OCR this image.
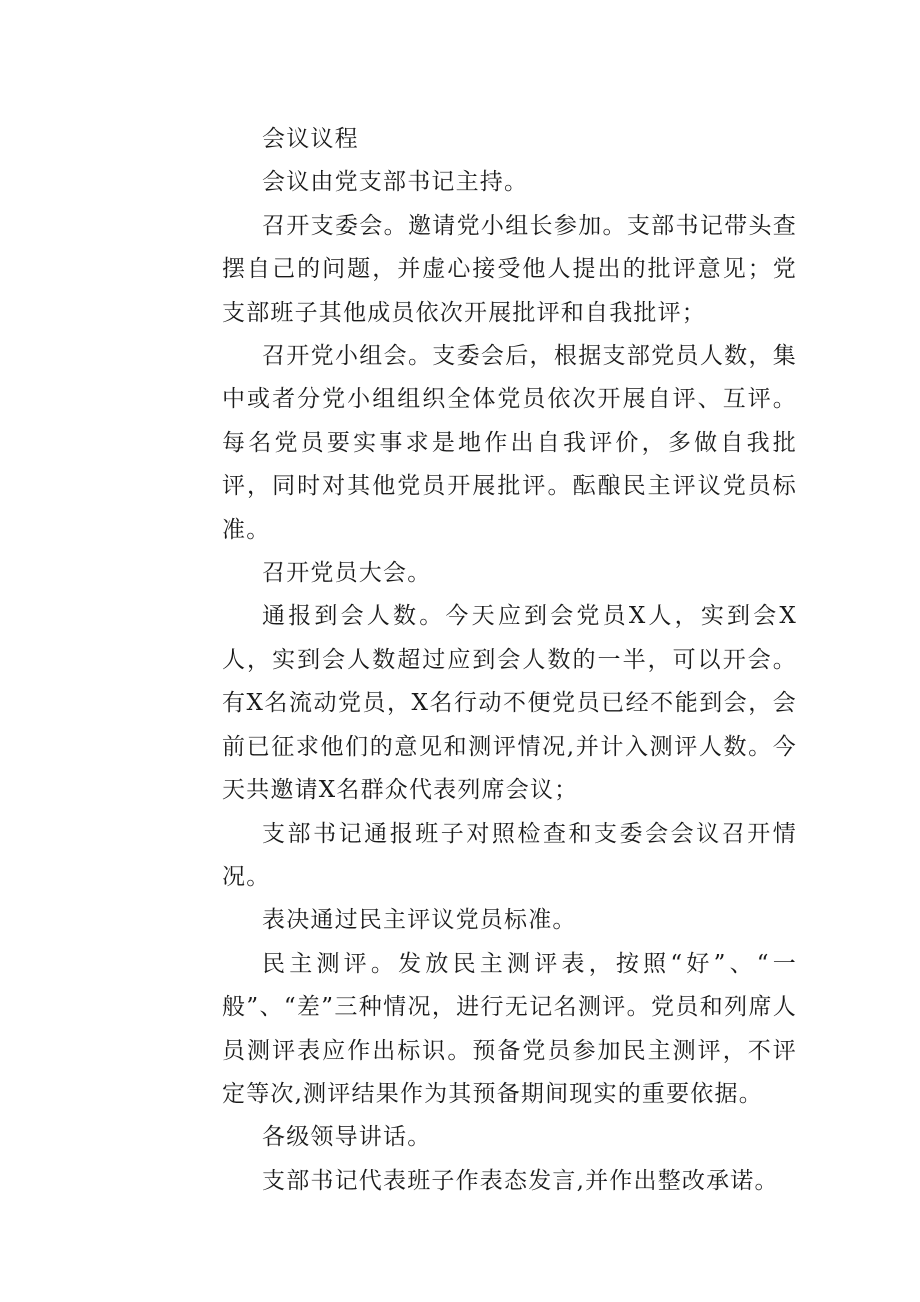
会议议程

会议由党支部书记主持。

召开支委会。邀请党小组长参加。支部书记带头查摆自己的问题，并虚心接受他人提出的批评意见；党支部班子其他成员依次开展批评和自我批评；

召开党小组会。支委会后，根据支部党员人数，集中或者分党小组组织全体党员依次开展自评、互评。每名党员要实事求是地作出自我评价，多做自我批评，同时对其他党员开展批评。酝酿民主评议党员标准。

召开党员大会。

通报到会人数。今天应到会党员X人，实到会X人，实到会人数超过应到会人数的一半，可以开会。有X名流动党员，X名行动不便党员已经不能到会，会前已征求他们的意见和测评情况,并计入测评人数。今天共邀请X名群众代表列席会议；

支部书记通报班子对照检查和支委会会议召开情况。

表决通过民主评议党员标准。

民主测评。发放民主测评表，按照“好”、“一般”、“差”三种情况，进行无记名测评。党员和列席人员测评表应作出标识。预备党员参加民主测评，不评定等次,测评结果作为其预备期间现实的重要依据。

各级领导讲话。

支部书记代表班子作表态发言,并作出整改承诺。
